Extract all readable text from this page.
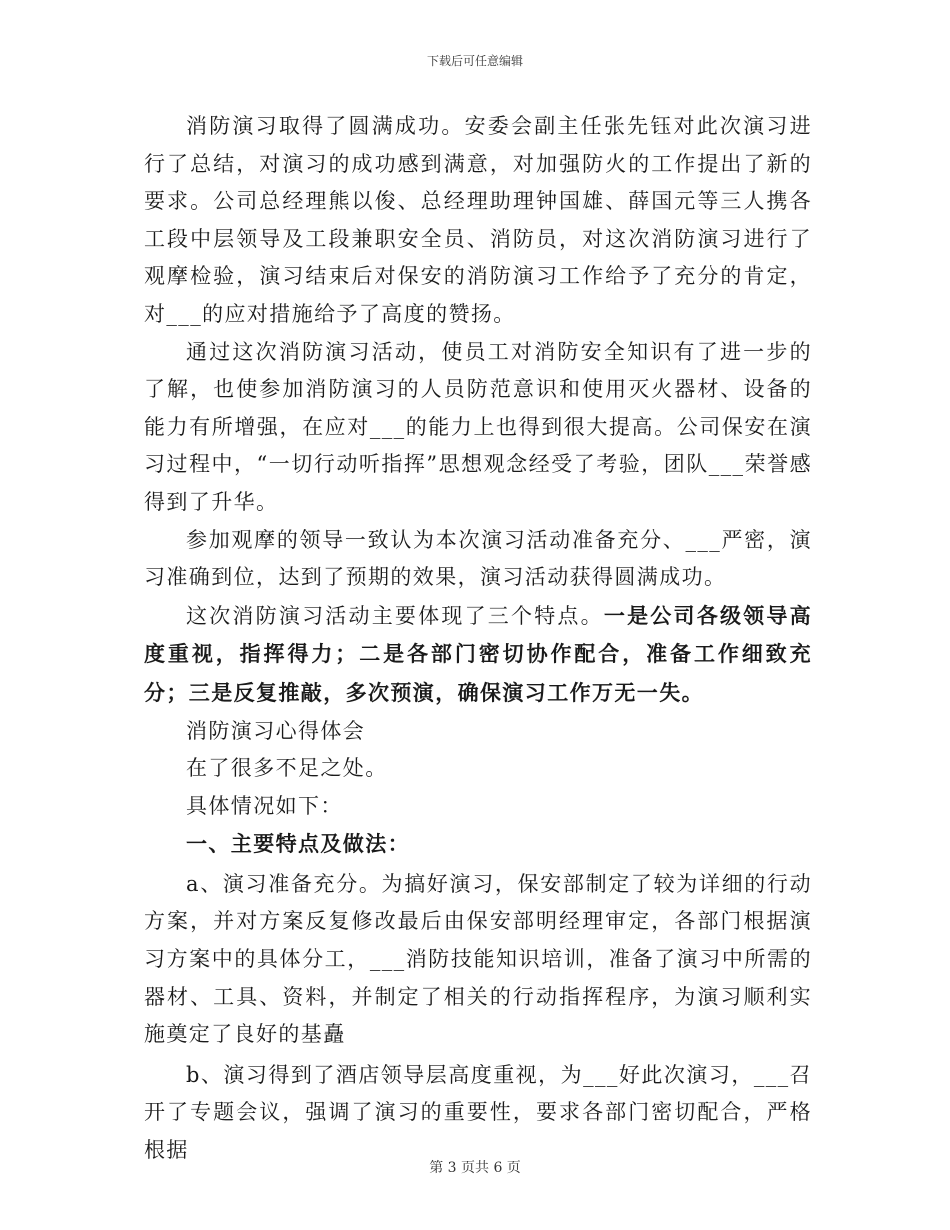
下载后可任意编辑

消防演习取得了圆满成功。安委会副主任张先钰对此次演习进行了总结，对演习的成功感到满意，对加强防火的工作提出了新的要求。公司总经理熊以俊、总经理助理钟国雄、薛国元等三人携各工段中层领导及工段兼职安全员、消防员，对这次消防演习进行了观摩检验，演习结束后对保安的消防演习工作给予了充分的肯定，对___的应对措施给予了高度的赞扬。

通过这次消防演习活动，使员工对消防安全知识有了进一步的了解，也使参加消防演习的人员防范意识和使用灭火器材、设备的能力有所增强，在应对___的能力上也得到很大提高。公司保安在演习过程中，“一切行动听指挥”思想观念经受了考验，团队___荣誉感得到了升华。

参加观摩的领导一致认为本次演习活动准备充分、___严密，演习准确到位，达到了预期的效果，演习活动获得圆满成功。

这次消防演习活动主要体现了三个特点。一是公司各级领导高度重视，指挥得力；二是各部门密切协作配合，准备工作细致充分；三是反复推敲，多次预演，确保演习工作万无一失。

消防演习心得体会

在了很多不足之处。

具体情况如下：

一、主要特点及做法：

a、演习准备充分。为搞好演习，保安部制定了较为详细的行动方案，并对方案反复修改最后由保安部明经理审定，各部门根据演习方案中的具体分工，___消防技能知识培训，准备了演习中所需的器材、工具、资料，并制定了相关的行动指挥程序，为演习顺利实施奠定了良好的基矗

b、演习得到了酒店领导层高度重视，为___好此次演习，___召开了专题会议，强调了演习的重要性，要求各部门密切配合，严格根据

第 3 页共 6 页
